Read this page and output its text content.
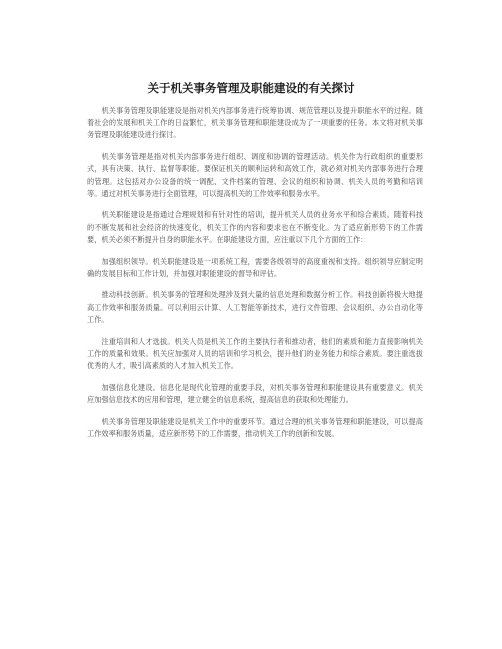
关于机关事务管理及职能建设的有关探讨

机关事务管理及职能建设是指对机关内部事务进行统筹协调、规范管理以及提升职能水平的过程。随着社会的发展和机关工作的日益繁忙，机关事务管理和职能建设成为了一项重要的任务。本文将对机关事务管理及职能建设进行探讨。

机关事务管理是指对机关内部事务进行组织、调度和协调的管理活动。机关作为行政组织的重要形式，具有决策、执行、监督等职能。要保证机关的顺利运转和高效工作，就必须对机关内部事务进行合理的管理。这包括对办公设备的统一调配、文件档案的管理、会议的组织和协调、机关人员的考勤和培训等。通过对机关事务进行全面管理，可以提高机关的工作效率和服务水平。

机关职能建设是指通过合理规划和有针对性的培训，提升机关人员的业务水平和综合素质。随着科技的不断发展和社会经济的快速变化，机关工作的内容和要求也在不断变化。为了适应新形势下的工作需要，机关必须不断提升自身的职能水平。在职能建设方面，应注重以下几个方面的工作：

加强组织领导。机关职能建设是一项系统工程，需要各级领导的高度重视和支持。组织领导应制定明确的发展目标和工作计划，并加强对职能建设的督导和评估。

推动科技创新。机关事务的管理和处理涉及到大量的信息处理和数据分析工作。科技创新将极大地提高工作效率和服务质量。可以利用云计算、人工智能等新技术，进行文件管理、会议组织、办公自动化等工作。

注重培训和人才选拔。机关人员是机关工作的主要执行者和推动者，他们的素质和能力直接影响机关工作的质量和效果。机关应加强对人员的培训和学习机会，提升他们的业务能力和综合素质。要注重选拔优秀的人才，吸引高素质的人才加入机关工作。

加强信息化建设。信息化是现代化管理的重要手段，对机关事务管理和职能建设具有重要意义。机关应加强信息技术的应用和管理，建立健全的信息系统，提高信息的获取和处理能力。

机关事务管理及职能建设是机关工作中的重要环节。通过合理的机关事务管理和职能建设，可以提高工作效率和服务质量，适应新形势下的工作需要，推动机关工作的创新和发展。
